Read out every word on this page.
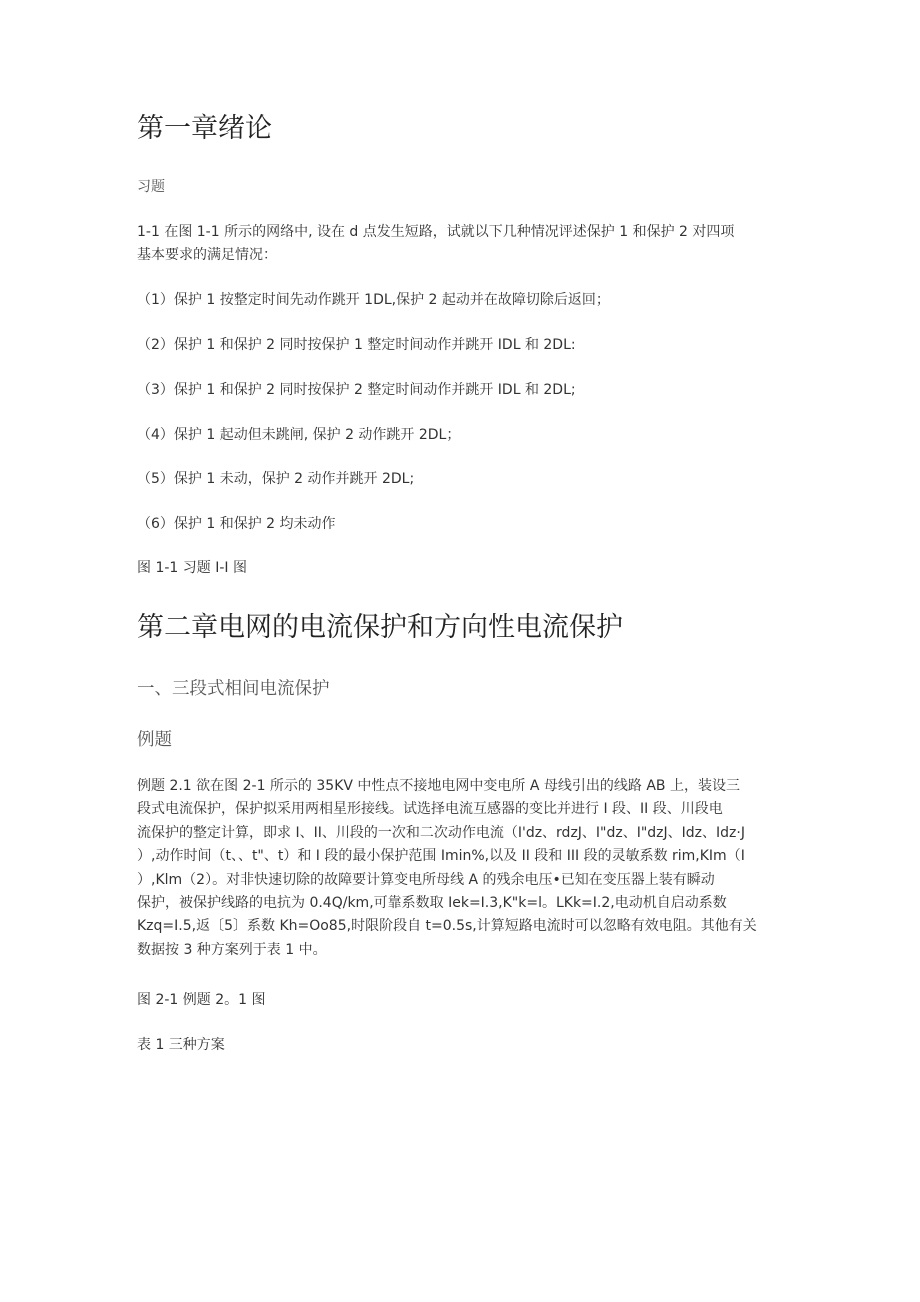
第一章绪论

习题

1-1 在图 1-1 所示的网络中, 设在 d 点发生短路，试就以下几种情况评述保护 1 和保护 2 对四项

基本要求的满足情况：

（1）保护 1 按整定时间先动作跳开 1DL,保护 2 起动并在故障切除后返回；

（2）保护 1 和保护 2 同时按保护 1 整定时间动作并跳开 IDL 和 2DL:

（3）保护 1 和保护 2 同时按保护 2 整定时间动作并跳开 IDL 和 2DL;

（4）保护 1 起动但未跳闸, 保护 2 动作跳开 2DL；

（5）保护 1 未动，保护 2 动作并跳开 2DL;

（6）保护 1 和保护 2 均未动作

图 1-1 习题 I-I 图

第二章电网的电流保护和方向性电流保护
一、三段式相间电流保护
例题
例题 2.1 欲在图 2-1 所示的 35KV 中性点不接地电网中变电所 A 母线引出的线路 AB 上，装设三
段式电流保护，保护拟采用两相星形接线。试选择电流互感器的变比并进行 I 段、II 段、川段电
流保护的整定计算，即求 I、II、川段的一次和二次动作电流（I'dz、rdzJ、I"dz、I"dzJ、Idz、Idz·J
）,动作时间（t、、t"、t）和 I 段的最小保护范围 Imin%,以及 II 段和 III 段的灵敏系数 rim,KIm（I
）,Klm（2）。对非快速切除的故障要计算变电所母线 A 的残余电压•已知在变压器上装有瞬动
保护，被保护线路的电抗为 0.4Q/km,可靠系数取 Iek=I.3,K"k=l。LKk=I.2,电动机自启动系数
Kzq=I.5,返〔5〕系数 Kh=Oo85,时限阶段自 t=0.5s,计算短路电流时可以忽略有效电阻。其他有关
数据按 3 种方案列于表 1 中。

图 2-1 例题 2。1 图

表 1 三种方案
